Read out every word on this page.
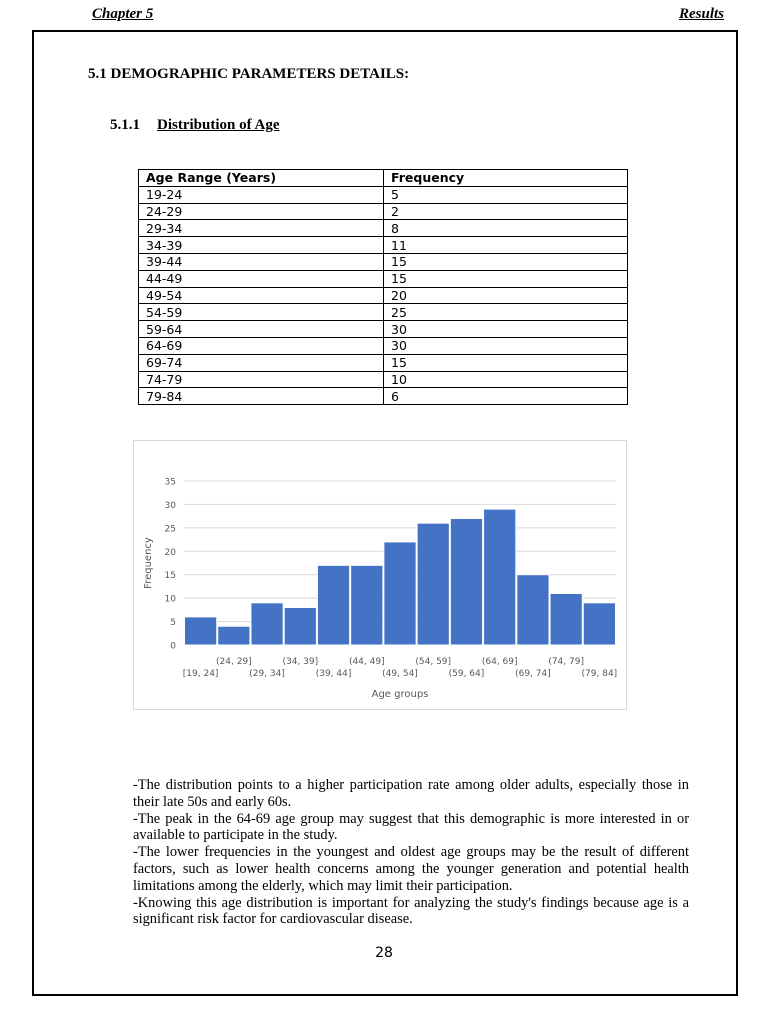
Chapter 5	Results
5.1 DEMOGRAPHIC PARAMETERS DETAILS:
5.1.1 Distribution of Age
Age Range (Years)	Frequency
19-24	5
24-29	2
29-34	8
34-39	11
39-44	15
44-49	15
49-54	20
54-59	25
59-64	30
64-69	30
69-74	15
74-79	10
79-84	6
0
5
10
15
20
25
30
35
[19, 24]
(24, 29]
(29, 34]
(34, 39]
(39, 44]
(44, 49]
(49, 54]
(54, 59]
(59, 64]
(64, 69]
(69, 74]
(74, 79]
(79, 84]
Age groups
Frequency

-The distribution points to a higher participation rate among older adults, especially those in their late 50s and early 60s.

-The peak in the 64-69 age group may suggest that this demographic is more interested in or available to participate in the study.

-The lower frequencies in the youngest and oldest age groups may be the result of different factors, such as lower health concerns among the younger generation and potential health limitations among the elderly, which may limit their participation.

-Knowing this age distribution is important for analyzing the study's findings because age is a significant risk factor for cardiovascular disease.

28
